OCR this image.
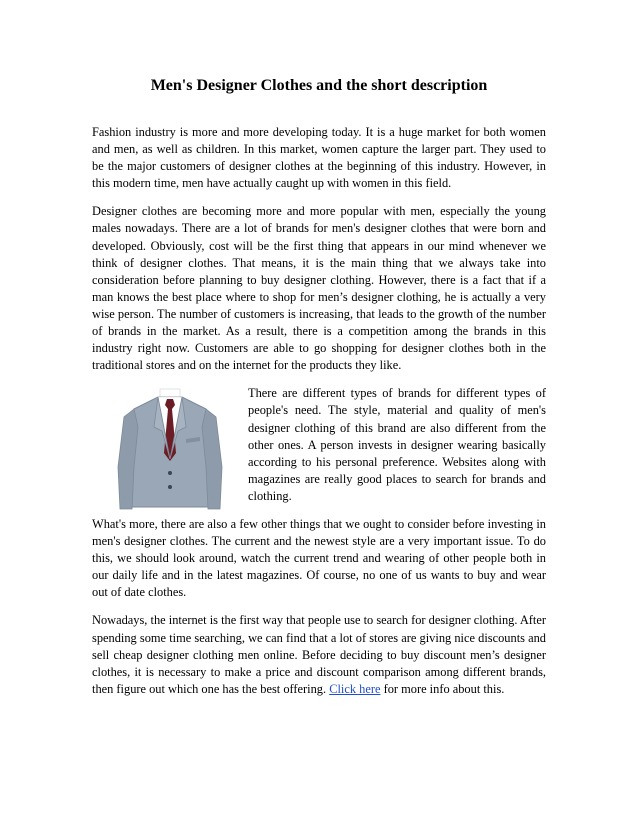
Men's Designer Clothes and the short description

Fashion industry is more and more developing today. It is a huge market for both women and men, as well as children. In this market, women capture the larger part. They used to be the major customers of designer clothes at the beginning of this industry. However, in this modern time, men have actually caught up with women in this field.

Designer clothes are becoming more and more popular with men, especially the young males nowadays. There are a lot of brands for men's designer clothes that were born and developed. Obviously, cost will be the first thing that appears in our mind whenever we think of designer clothes. That means, it is the main thing that we always take into consideration before planning to buy designer clothing. However, there is a fact that if a man knows the best place where to shop for men’s designer clothing, he is actually a very wise person. The number of customers is increasing, that leads to the growth of the number of brands in the market. As a result, there is a competition among the brands in this industry right now. Customers are able to go shopping for designer clothes both in the traditional stores and on the internet for the products they like.

There are different types of brands for different types of people's need. The style, material and quality of men's designer clothing of this brand are also different from the other ones. A person invests in designer wearing basically according to his personal preference. Websites along with magazines are really good places to search for brands and clothing.

What's more, there are also a few other things that we ought to consider before investing in men's designer clothes. The current and the newest style are a very important issue. To do this, we should look around, watch the current trend and wearing of other people both in our daily life and in the latest magazines. Of course, no one of us wants to buy and wear out of date clothes.

Nowadays, the internet is the first way that people use to search for designer clothing. After spending some time searching, we can find that a lot of stores are giving nice discounts and sell cheap designer clothing men online. Before deciding to buy discount men’s designer clothes, it is necessary to make a price and discount comparison among different brands, then figure out which one has the best offering. Click here for more info about this.
